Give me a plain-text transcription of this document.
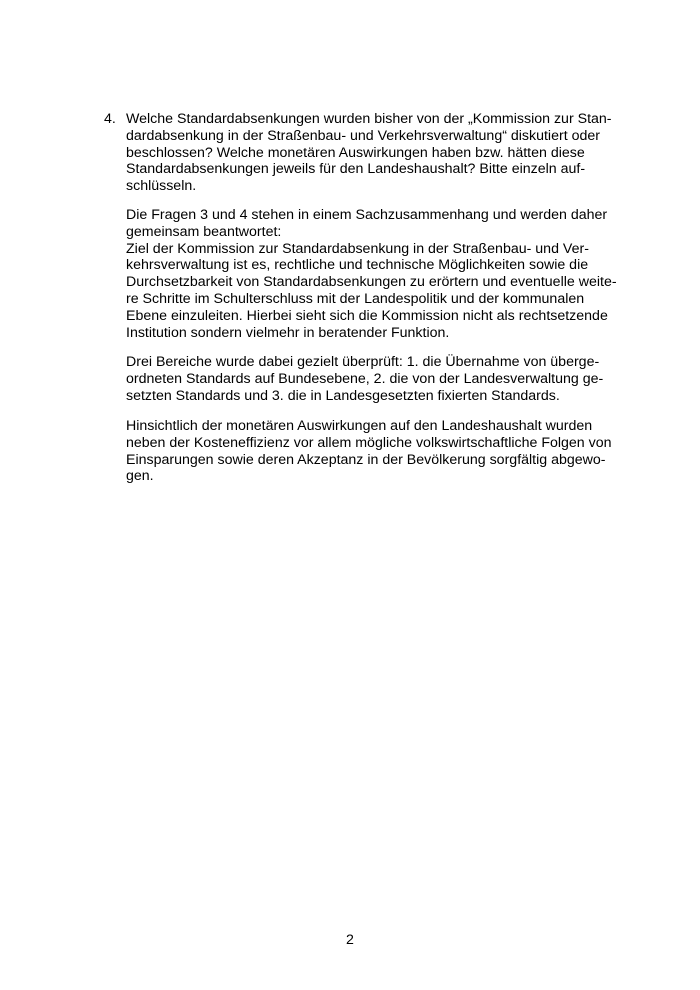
4. Welche Standardabsenkungen wurden bisher von der „Kommission zur Stan-
dardabsenkung in der Straßenbau- und Verkehrsverwaltung“ diskutiert oder
beschlossen? Welche monetären Auswirkungen haben bzw. hätten diese
Standardabsenkungen jeweils für den Landeshaushalt? Bitte einzeln auf-
schlüsseln.
Die Fragen 3 und 4 stehen in einem Sachzusammenhang und werden daher
gemeinsam beantwortet:
Ziel der Kommission zur Standardabsenkung in der Straßenbau- und Ver-
kehrsverwaltung ist es, rechtliche und technische Möglichkeiten sowie die
Durchsetzbarkeit von Standardabsenkungen zu erörtern und eventuelle weite-
re Schritte im Schulterschluss mit der Landespolitik und der kommunalen
Ebene einzuleiten. Hierbei sieht sich die Kommission nicht als rechtsetzende
Institution sondern vielmehr in beratender Funktion.
Drei Bereiche wurde dabei gezielt überprüft: 1. die Übernahme von überge-
ordneten Standards auf Bundesebene, 2. die von der Landesverwaltung ge-
setzten Standards und 3. die in Landesgesetzten fixierten Standards.
Hinsichtlich der monetären Auswirkungen auf den Landeshaushalt wurden
neben der Kosteneffizienz vor allem mögliche volkswirtschaftliche Folgen von
Einsparungen sowie deren Akzeptanz in der Bevölkerung sorgfältig abgewo-
gen.
2
